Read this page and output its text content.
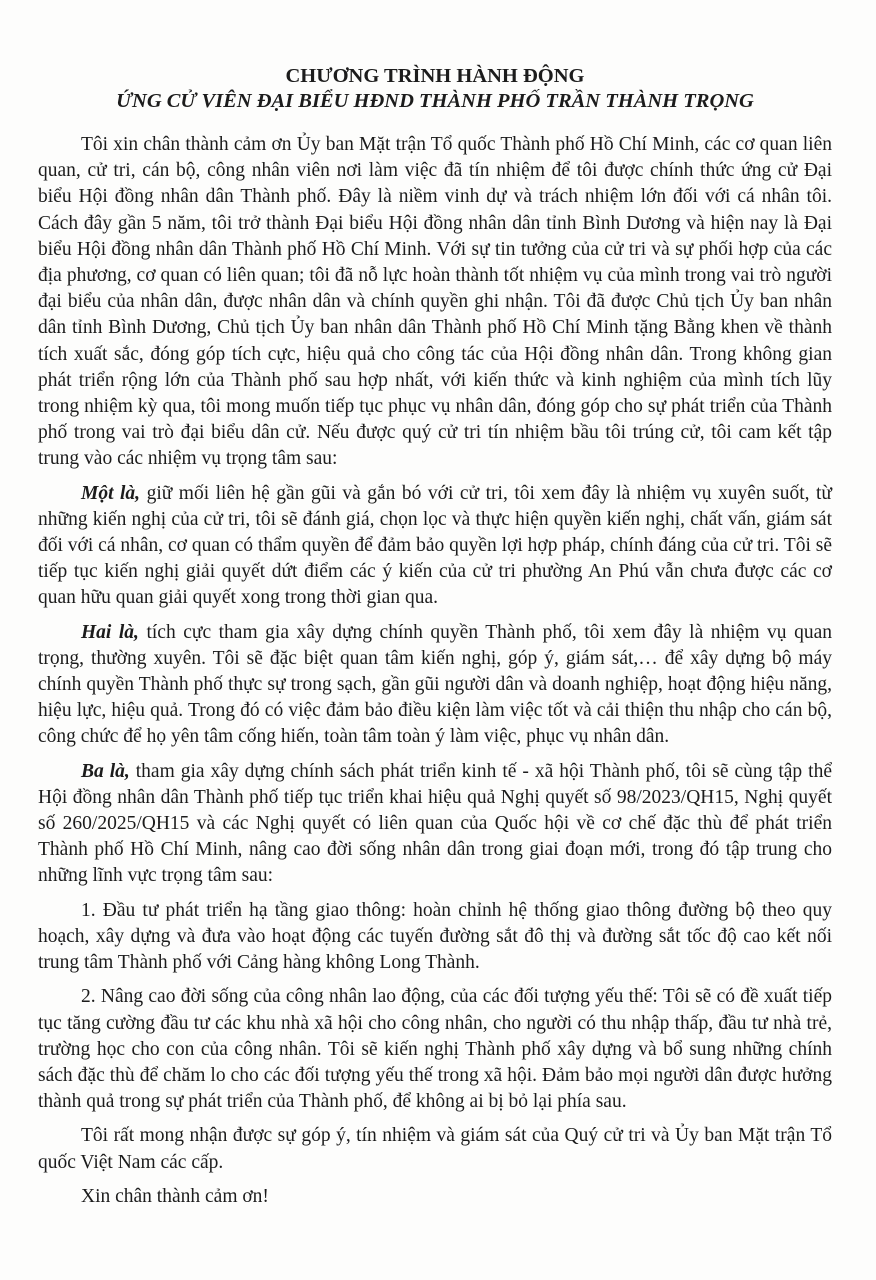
CHƯƠNG TRÌNH HÀNH ĐỘNG
ỨNG CỬ VIÊN ĐẠI BIỂU HĐND THÀNH PHỐ TRẦN THÀNH TRỌNG

Tôi xin chân thành cảm ơn Ủy ban Mặt trận Tổ quốc Thành phố Hồ Chí Minh, các cơ quan liên quan, cử tri, cán bộ, công nhân viên nơi làm việc đã tín nhiệm để tôi được chính thức ứng cử Đại biểu Hội đồng nhân dân Thành phố. Đây là niềm vinh dự và trách nhiệm lớn đối với cá nhân tôi. Cách đây gần 5 năm, tôi trở thành Đại biểu Hội đồng nhân dân tỉnh Bình Dương và hiện nay là Đại biểu Hội đồng nhân dân Thành phố Hồ Chí Minh. Với sự tin tưởng của cử tri và sự phối hợp của các địa phương, cơ quan có liên quan; tôi đã nỗ lực hoàn thành tốt nhiệm vụ của mình trong vai trò người đại biểu của nhân dân, được nhân dân và chính quyền ghi nhận. Tôi đã được Chủ tịch Ủy ban nhân dân tỉnh Bình Dương, Chủ tịch Ủy ban nhân dân Thành phố Hồ Chí Minh tặng Bằng khen về thành tích xuất sắc, đóng góp tích cực, hiệu quả cho công tác của Hội đồng nhân dân. Trong không gian phát triển rộng lớn của Thành phố sau hợp nhất, với kiến thức và kinh nghiệm của mình tích lũy trong nhiệm kỳ qua, tôi mong muốn tiếp tục phục vụ nhân dân, đóng góp cho sự phát triển của Thành phố trong vai trò đại biểu dân cử. Nếu được quý cử tri tín nhiệm bầu tôi trúng cử, tôi cam kết tập trung vào các nhiệm vụ trọng tâm sau:

Một là, giữ mối liên hệ gần gũi và gắn bó với cử tri, tôi xem đây là nhiệm vụ xuyên suốt, từ những kiến nghị của cử tri, tôi sẽ đánh giá, chọn lọc và thực hiện quyền kiến nghị, chất vấn, giám sát đối với cá nhân, cơ quan có thẩm quyền để đảm bảo quyền lợi hợp pháp, chính đáng của cử tri. Tôi sẽ tiếp tục kiến nghị giải quyết dứt điểm các ý kiến của cử tri phường An Phú vẫn chưa được các cơ quan hữu quan giải quyết xong trong thời gian qua.

Hai là, tích cực tham gia xây dựng chính quyền Thành phố, tôi xem đây là nhiệm vụ quan trọng, thường xuyên. Tôi sẽ đặc biệt quan tâm kiến nghị, góp ý, giám sát,… để xây dựng bộ máy chính quyền Thành phố thực sự trong sạch, gần gũi người dân và doanh nghiệp, hoạt động hiệu năng, hiệu lực, hiệu quả. Trong đó có việc đảm bảo điều kiện làm việc tốt và cải thiện thu nhập cho cán bộ, công chức để họ yên tâm cống hiến, toàn tâm toàn ý làm việc, phục vụ nhân dân.

Ba là, tham gia xây dựng chính sách phát triển kinh tế - xã hội Thành phố, tôi sẽ cùng tập thể Hội đồng nhân dân Thành phố tiếp tục triển khai hiệu quả Nghị quyết số 98/2023/QH15, Nghị quyết số 260/2025/QH15 và các Nghị quyết có liên quan của Quốc hội về cơ chế đặc thù để phát triển Thành phố Hồ Chí Minh, nâng cao đời sống nhân dân trong giai đoạn mới, trong đó tập trung cho những lĩnh vực trọng tâm sau:

1. Đầu tư phát triển hạ tầng giao thông: hoàn chỉnh hệ thống giao thông đường bộ theo quy hoạch, xây dựng và đưa vào hoạt động các tuyến đường sắt đô thị và đường sắt tốc độ cao kết nối trung tâm Thành phố với Cảng hàng không Long Thành.

2. Nâng cao đời sống của công nhân lao động, của các đối tượng yếu thế: Tôi sẽ có đề xuất tiếp tục tăng cường đầu tư các khu nhà xã hội cho công nhân, cho người có thu nhập thấp, đầu tư nhà trẻ, trường học cho con của công nhân. Tôi sẽ kiến nghị Thành phố xây dựng và bổ sung những chính sách đặc thù để chăm lo cho các đối tượng yếu thế trong xã hội. Đảm bảo mọi người dân được hưởng thành quả trong sự phát triển của Thành phố, để không ai bị bỏ lại phía sau.

Tôi rất mong nhận được sự góp ý, tín nhiệm và giám sát của Quý cử tri và Ủy ban Mặt trận Tổ quốc Việt Nam các cấp.

Xin chân thành cảm ơn!
